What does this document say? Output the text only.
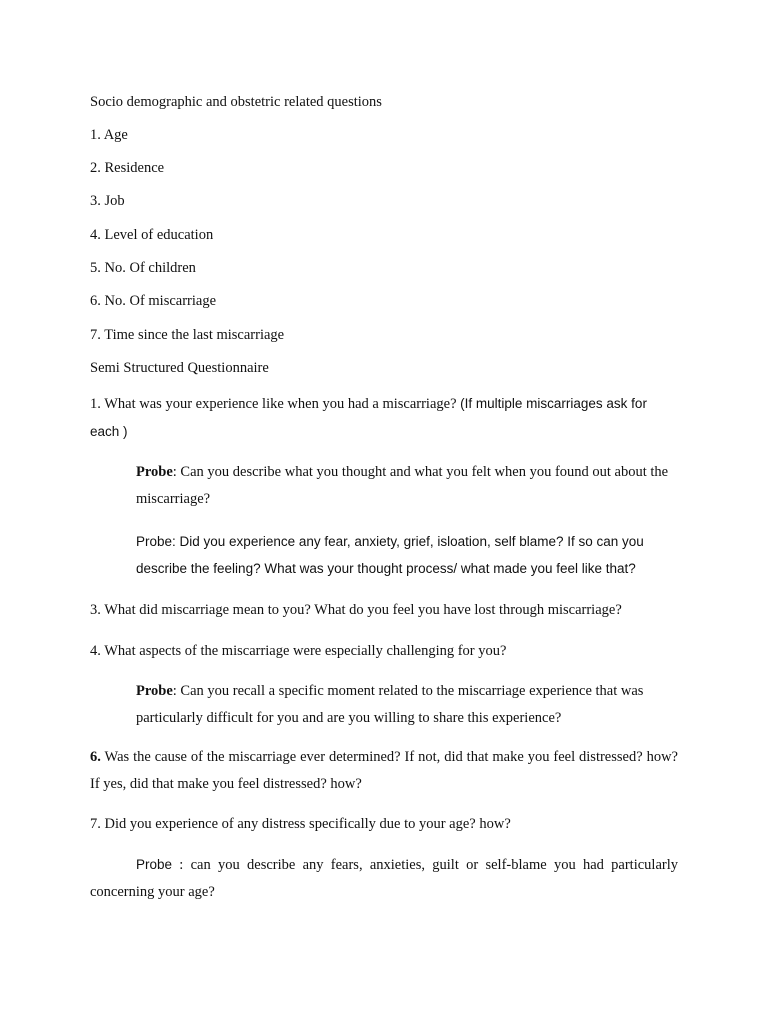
Socio demographic and obstetric related questions
1. Age
2. Residence
3. Job
4. Level of education
5. No. Of children
6. No. Of miscarriage
7. Time since the last miscarriage
Semi Structured Questionnaire
1. What was your experience like when you had a miscarriage? (If multiple miscarriages ask for each )
Probe: Can you describe what you thought and what you felt when you found out about the miscarriage?
Probe: Did you experience any fear, anxiety, grief, isloation, self blame? If so can you describe the feeling? What was your thought process/ what made you feel like that?
3. What did miscarriage mean to you? What do you feel you have lost through miscarriage?
4. What aspects of the miscarriage were especially challenging for you?
Probe: Can you recall a specific moment related to the miscarriage experience that was particularly difficult for you and are you willing to share this experience?
6. Was the cause of the miscarriage ever determined? If not, did that make you feel distressed? how? If yes, did that make you feel distressed? how?
7. Did you experience of any distress specifically due to your age? how?
Probe : can you describe any fears, anxieties, guilt or self-blame you had particularly concerning your age?
